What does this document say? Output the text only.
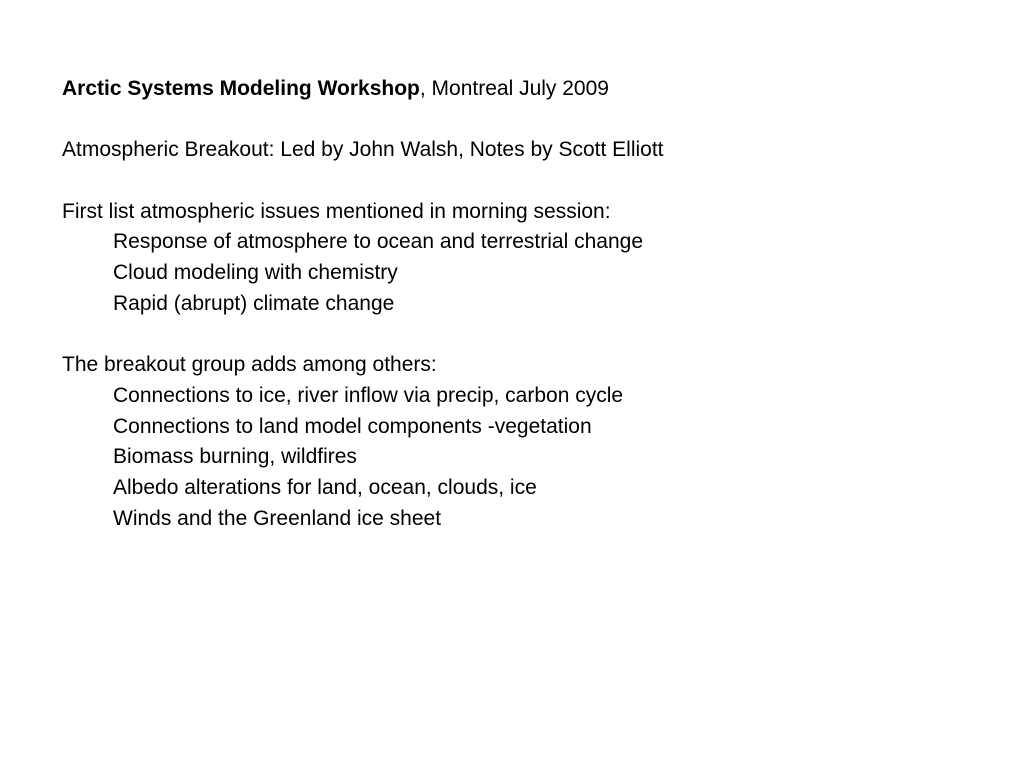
Arctic Systems Modeling Workshop, Montreal July 2009
Atmospheric Breakout: Led by John Walsh, Notes by Scott Elliott
First list atmospheric issues mentioned in morning session:
Response of atmosphere to ocean and terrestrial change
Cloud modeling with chemistry
Rapid (abrupt) climate change
The breakout group adds among others:
Connections to ice, river inflow via precip, carbon cycle
Connections to land model components -vegetation
Biomass burning, wildfires
Albedo alterations for land, ocean, clouds, ice
Winds and the Greenland ice sheet
